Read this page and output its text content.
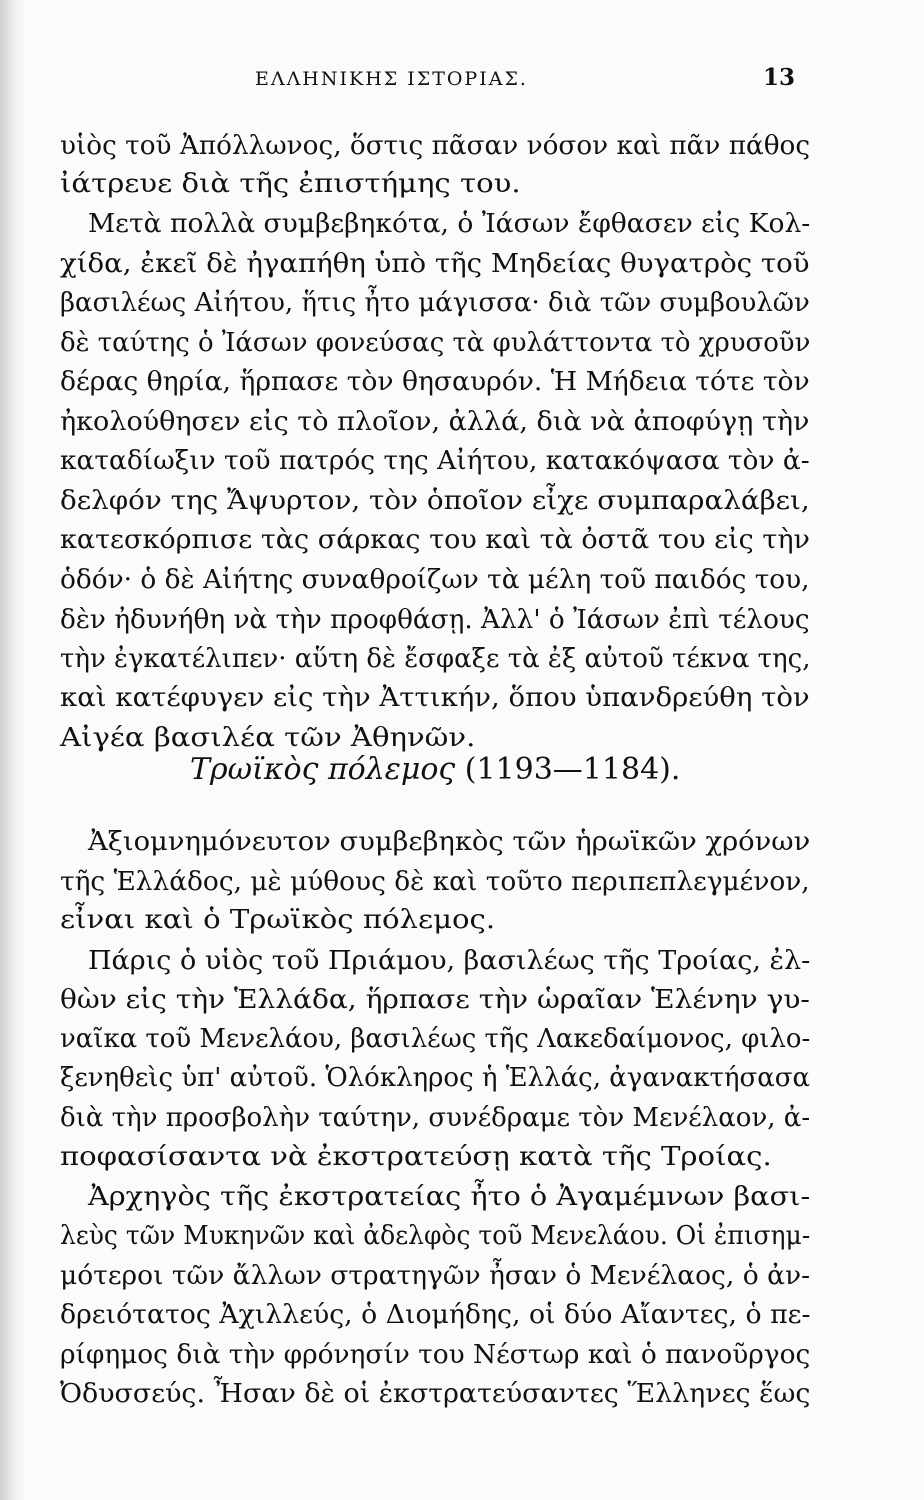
ΕΛΛΗΝΙΚΗΣ ΙΣΤΟΡΙΑΣ.	13
υἱὸς τοῦ Ἀπόλλωνος, ὅστις πᾶσαν νόσον καὶ πᾶν πάθος
ἰάτρευε διὰ τῆς ἐπιστήμης του.
Μετὰ πολλὰ συμβεβηκότα, ὁ Ἰάσων ἔφθασεν εἰς Κολ-
χίδα, ἐκεῖ δὲ ἠγαπήθη ὑπὸ τῆς Μηδείας θυγατρὸς τοῦ
βασιλέως Αἰήτου, ἥτις ἦτο μάγισσα· διὰ τῶν συμβουλῶν
δὲ ταύτης ὁ Ἰάσων φονεύσας τὰ φυλάττοντα τὸ χρυσοῦν
δέρας θηρία, ἥρπασε τὸν θησαυρόν. Ἡ Μήδεια τότε τὸν
ἠκολούθησεν εἰς τὸ πλοῖον, ἀλλά, διὰ νὰ ἀποφύγῃ τὴν
καταδίωξιν τοῦ πατρός της Αἰήτου, κατακόψασα τὸν ἀ-
δελφόν της Ἄψυρτον, τὸν ὁποῖον εἶχε συμπαραλάβει,
κατεσκόρπισε τὰς σάρκας του καὶ τὰ ὀστᾶ του εἰς τὴν
ὁδόν· ὁ δὲ Αἰήτης συναθροίζων τὰ μέλη τοῦ παιδός του,
δὲν ἠδυνήθη νὰ τὴν προφθάσῃ. Ἀλλ' ὁ Ἰάσων ἐπὶ τέλους
τὴν ἐγκατέλιπεν· αὕτη δὲ ἔσφαξε τὰ ἐξ αὐτοῦ τέκνα της,
καὶ κατέφυγεν εἰς τὴν Ἀττικήν, ὅπου ὑπανδρεύθη τὸν
Αἰγέα βασιλέα τῶν Ἀθηνῶν.
Τρωϊκὸς πόλεμος (1193—1184).
Ἀξιομνημόνευτον συμβεβηκὸς τῶν ἡρωϊκῶν χρόνων
τῆς Ἑλλάδος, μὲ μύθους δὲ καὶ τοῦτο περιπεπλεγμένον,
εἶναι καὶ ὁ Τρωϊκὸς πόλεμος.
Πάρις ὁ υἱὸς τοῦ Πριάμου, βασιλέως τῆς Τροίας, ἐλ-
θὼν εἰς τὴν Ἑλλάδα, ἥρπασε τὴν ὡραῖαν Ἑλένην γυ-
ναῖκα τοῦ Μενελάου, βασιλέως τῆς Λακεδαίμονος, φιλο-
ξενηθεὶς ὑπ' αὐτοῦ. Ὁλόκληρος ἡ Ἑλλάς, ἀγανακτήσασα
διὰ τὴν προσβολὴν ταύτην, συνέδραμε τὸν Μενέλαον, ἀ-
ποφασίσαντα νὰ ἐκστρατεύσῃ κατὰ τῆς Τροίας.
Ἀρχηγὸς τῆς ἐκστρατείας ἦτο ὁ Ἀγαμέμνων βασι-
λεὺς τῶν Μυκηνῶν καὶ ἀδελφὸς τοῦ Μενελάου. Οἱ ἐπισημ-
μότεροι τῶν ἄλλων στρατηγῶν ἦσαν ὁ Μενέλαος, ὁ ἀν-
δρειότατος Ἀχιλλεύς, ὁ Διομήδης, οἱ δύο Αἴαντες, ὁ πε-
ρίφημος διὰ τὴν φρόνησίν του Νέστωρ καὶ ὁ πανοῦργος
Ὀδυσσεύς. Ἦσαν δὲ οἱ ἐκστρατεύσαντες Ἕλληνες ἕως
